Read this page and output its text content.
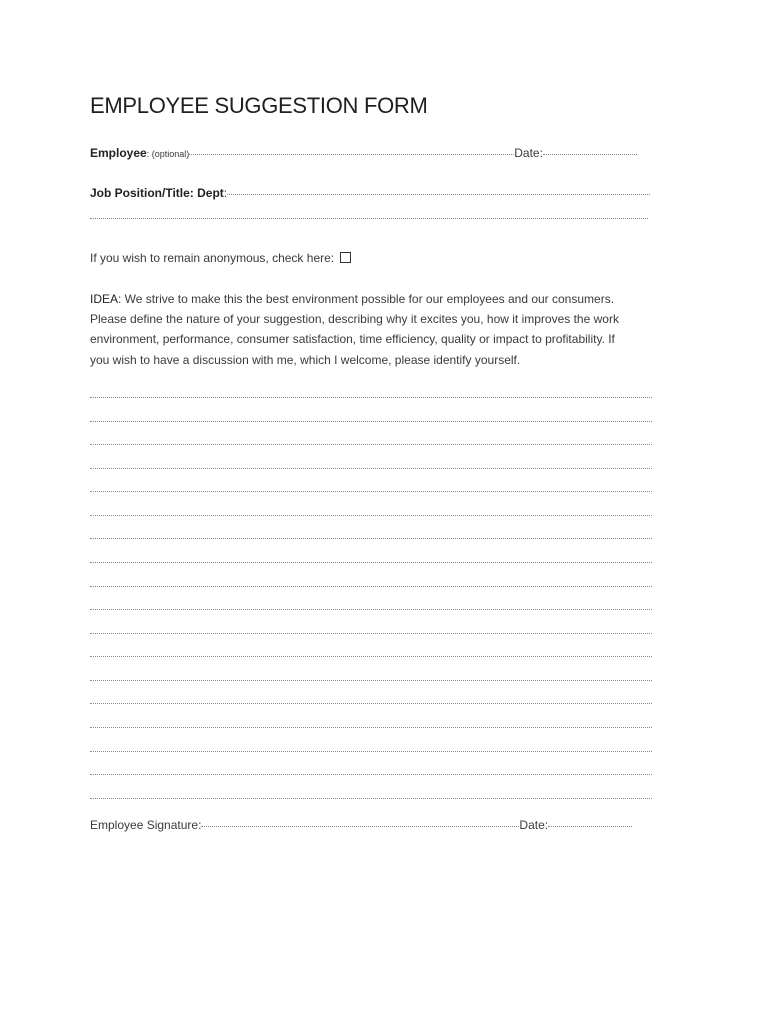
EMPLOYEE SUGGESTION FORM
Employee : (optional)	Date:
Job Position/Title: Dept :
If you wish to remain anonymous, check here:
IDEA: We strive to make this the best environment possible for our employees and our consumers. Please define the nature of your suggestion, describing why it excites you, how it improves the work environment, performance, consumer satisfaction, time efficiency, quality or impact to profitability. If you wish to have a discussion with me, which I welcome, please identify yourself.
Employee Signature:	Date:
